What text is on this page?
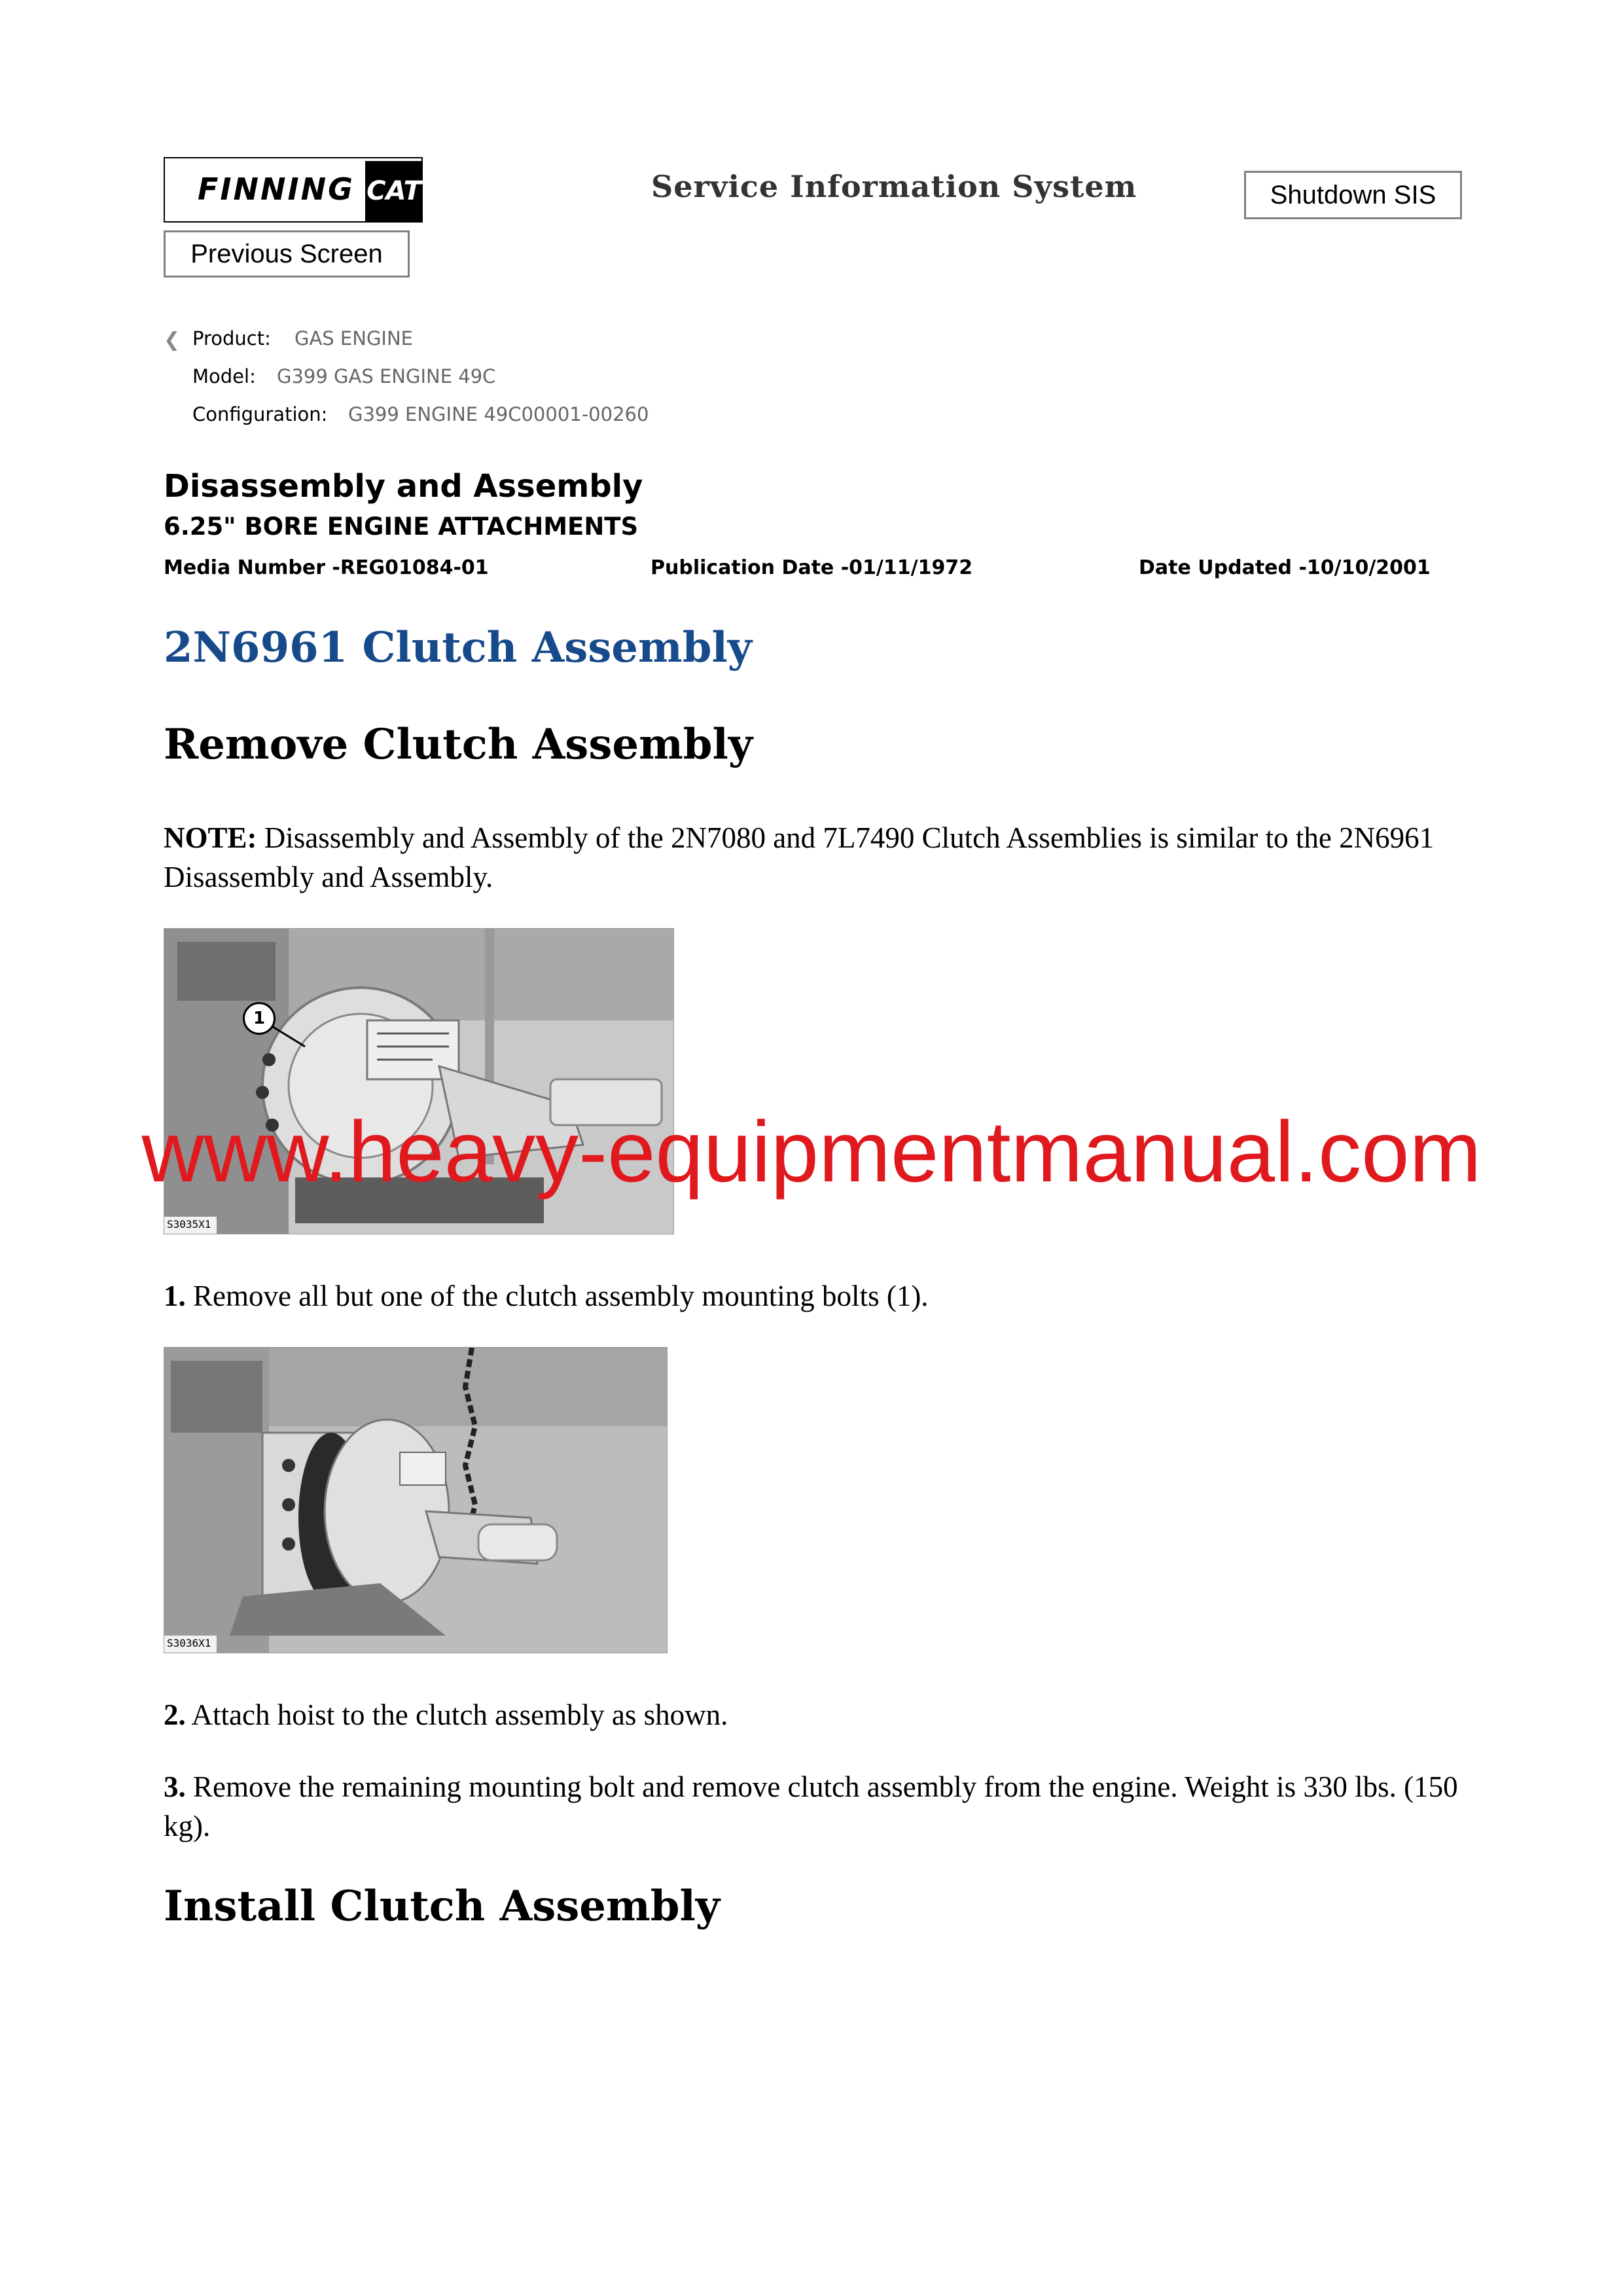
FINNING CAT	Service Information System	Shutdown SIS
Previous Screen
❮ Product: GAS ENGINE
Model: G399 GAS ENGINE 49C
Configuration: G399 ENGINE 49C00001-00260
Disassembly and Assembly
6.25" BORE ENGINE ATTACHMENTS
Media Number -REG01084-01	Publication Date -01/11/1972	Date Updated -10/10/2001
2N6961 Clutch Assembly
Remove Clutch Assembly
NOTE: Disassembly and Assembly of the 2N7080 and 7L7490 Clutch Assemblies is similar to the 2N6961 Disassembly and Assembly.
1
S3035X1
1. Remove all but one of the clutch assembly mounting bolts (1).
S3036X1
2. Attach hoist to the clutch assembly as shown.
3. Remove the remaining mounting bolt and remove clutch assembly from the engine. Weight is 330 lbs. (150 kg).
Install Clutch Assembly
www.heavy-equipmentmanual.com
